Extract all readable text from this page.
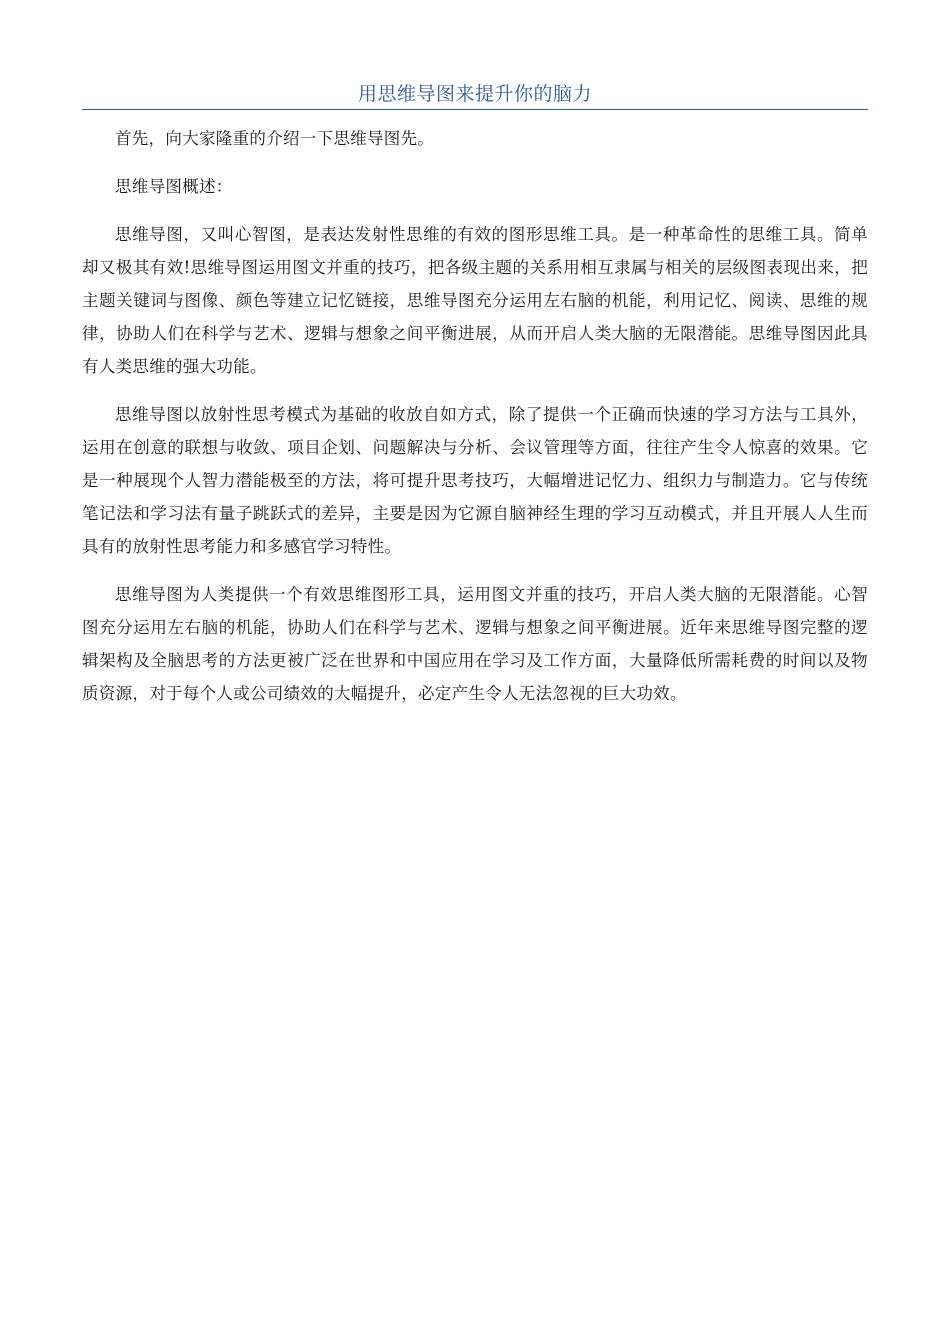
用思维导图来提升你的脑力

首先，向大家隆重的介绍一下思维导图先。

思维导图概述：

思维导图，又叫心智图，是表达发射性思维的有效的图形思维工具。是一种革命性的思维工具。简单却又极其有效!思维导图运用图文并重的技巧，把各级主题的关系用相互隶属与相关的层级图表现出来，把主题关键词与图像、颜色等建立记忆链接，思维导图充分运用左右脑的机能，利用记忆、阅读、思维的规律，协助人们在科学与艺术、逻辑与想象之间平衡进展，从而开启人类大脑的无限潜能。思维导图因此具有人类思维的强大功能。

思维导图以放射性思考模式为基础的收放自如方式，除了提供一个正确而快速的学习方法与工具外，运用在创意的联想与收敛、项目企划、问题解决与分析、会议管理等方面，往往产生令人惊喜的效果。它是一种展现个人智力潜能极至的方法，将可提升思考技巧，大幅增进记忆力、组织力与制造力。它与传统笔记法和学习法有量子跳跃式的差异，主要是因为它源自脑神经生理的学习互动模式，并且开展人人生而具有的放射性思考能力和多感官学习特性。

思维导图为人类提供一个有效思维图形工具，运用图文并重的技巧，开启人类大脑的无限潜能。心智图充分运用左右脑的机能，协助人们在科学与艺术、逻辑与想象之间平衡进展。近年来思维导图完整的逻辑架构及全脑思考的方法更被广泛在世界和中国应用在学习及工作方面，大量降低所需耗费的时间以及物质资源，对于每个人或公司绩效的大幅提升，必定产生令人无法忽视的巨大功效。
